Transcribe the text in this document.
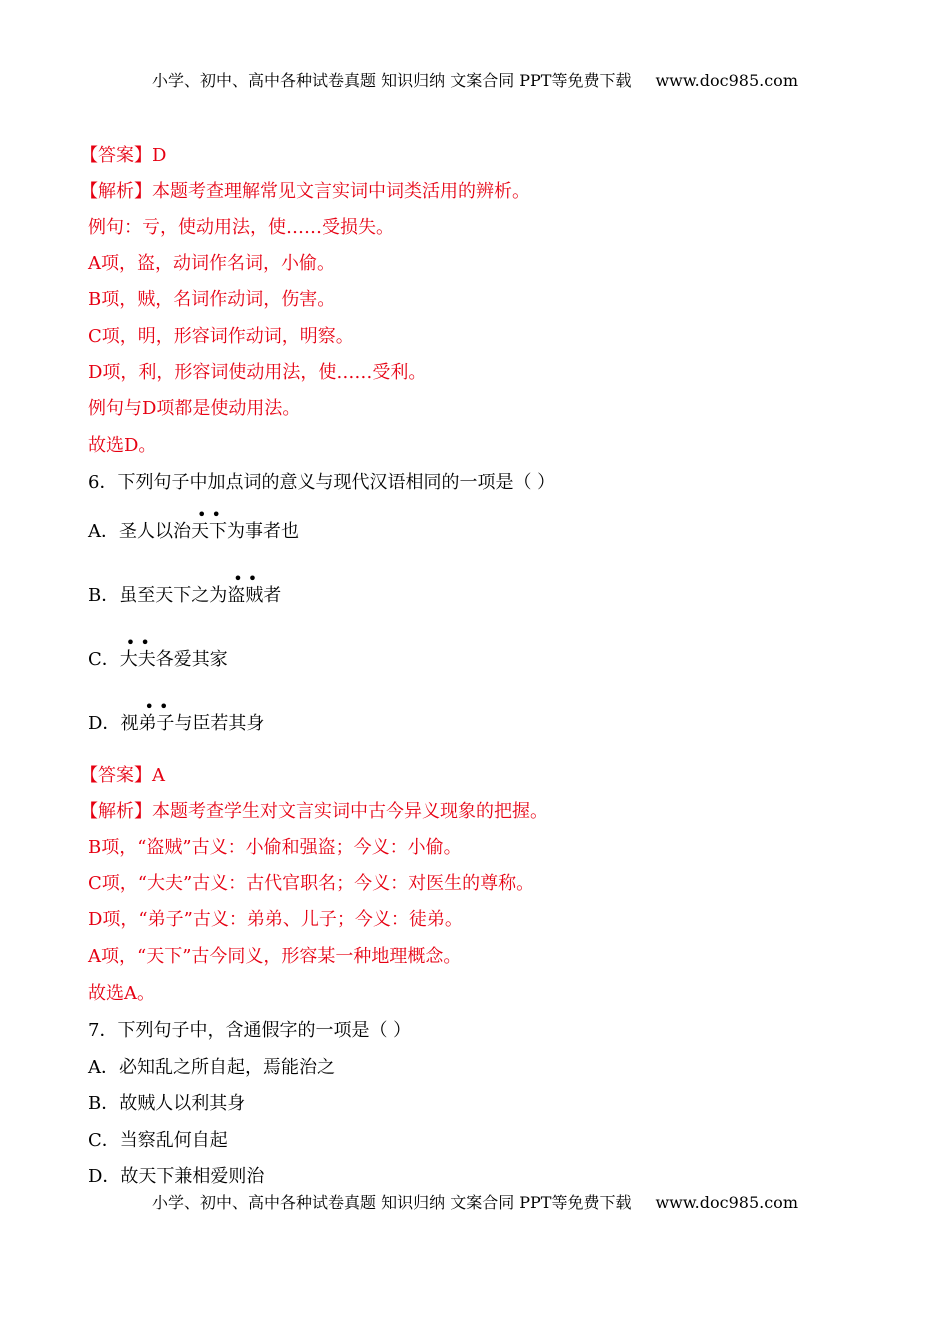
小学、初中、高中各种试卷真题 知识归纳 文案合同 PPT等免费下载 www.doc985.com
【答案】D
【解析】本题考查理解常见文言实词中词类活用的辨析。
例句：亏，使动用法，使……受损失。
A项，盗，动词作名词，小偷。
B项，贼，名词作动词，伤害。
C项，明，形容词作动词，明察。
D项，利，形容词使动用法，使……受利。
例句与D项都是使动用法。
故选D。
6．下列句子中加点词的意义与现代汉语相同的一项是（ ）
A．圣人以治
• •
天下为事者也
B．虽至天下之为
• •
盗贼者
C．
• •
大夫各爱其家
D．视
• •
弟子与臣若其身
【答案】A
【解析】本题考查学生对文言实词中古今异义现象的把握。
B项，“盗贼”古义：小偷和强盗；今义：小偷。
C项，“大夫”古义：古代官职名；今义：对医生的尊称。
D项，“弟子”古义：弟弟、儿子；今义：徒弟。
A项，“天下”古今同义，形容某一种地理概念。
故选A。
7．下列句子中，含通假字的一项是（ ）
A．必知乱之所自起，焉能治之
B．故贼人以利其身
C．当察乱何自起
D．故天下兼相爱则治
小学、初中、高中各种试卷真题 知识归纳 文案合同 PPT等免费下载 www.doc985.com
